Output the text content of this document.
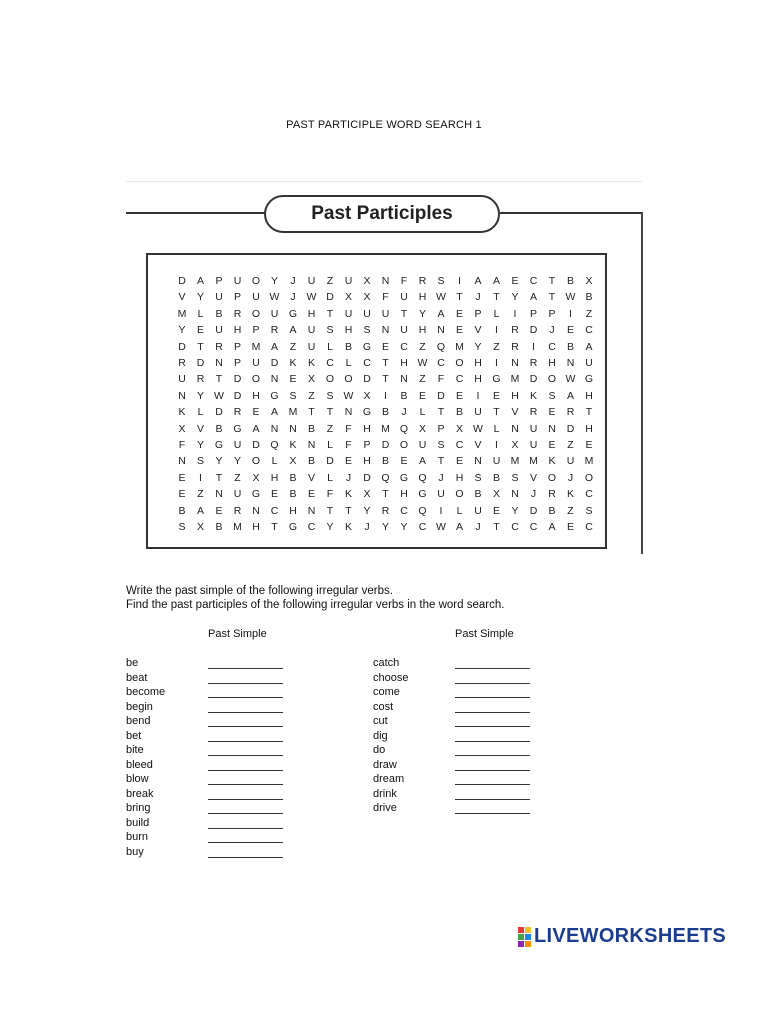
PAST PARTICIPLE WORD SEARCH 1
Past Participles
D	A	P	U	O	Y	J	U	Z	U	X	N	F	R	S	I	A	A	E	C	T	B	X
V	Y	U	P	U W	J	W D	X	X	F	U	H W T	J	T	Y	A	T W B
M	L	B	R	O	U	G	H	T	U	U	U	T	Y	A	E	P	L	I	P	P	I	Z
Y	E	U	H	P	R	A	U	S	H	S	N	U	H	N	E	V	I	R	D	J	E	C
D	T	R	P	M	A	Z	U	L	B	G	E	C	Z	Q M	Y	Z	R	I	C	B	A
R	D	N	P	U	D	K	K	C	L	C	T	H W C	O	H	I	N	R	H	N	U
U	R	T	D	O	N	E	X	O O	D	T	N	Z	F	C	H	G M D	O W G
N	Y W D	H	G	S	Z	S W X	I	B	E	D	E	I	E	H	K	S	A	H
K	L	D	R	E	A	M	T	T	N	G	B	J	L	T	B	U	T	V	R	E	R	T
X	V	B	G	A	N	N	B	Z	F	H M Q	X	P	X W	L	N	U	N	D	H
F	Y	G	U	D	Q	K	N	L	F	P	D	O	U	S	C	V	I	X	U	E	Z	E
N	S	Y	Y	O	L	X	B	D	E	H	B	E	A	T	E	N	U M M	K	U M
E	I	T	Z	X	H	B	V	L	J	D	Q G Q	J	H	S	B	S	V	O	J	O
E	Z	N	U	G	E	B	E	F	K	X	T	H	G	U	O	B	X	N	J	R	K	C
B	A	E	R	N	C	H	N	T	T	Y	R	C	Q	I	L	U	E	Y	D	B	Z	S
S	X	B	M H	T	G	C	Y	K	J	Y	Y	C W A	J	T	C	C	A	E	C
Write the past simple of the following irregular verbs.
Find the past participles of the following irregular verbs in the word search.
Past Simple	Past Simple
be
beat
become
begin
bend
bet
bite
bleed
blow
break
bring
build
burn
buy
catch
choose
come
cost
cut
dig
do
draw
dream
drink
drive
LIVEWORKSHEETS
